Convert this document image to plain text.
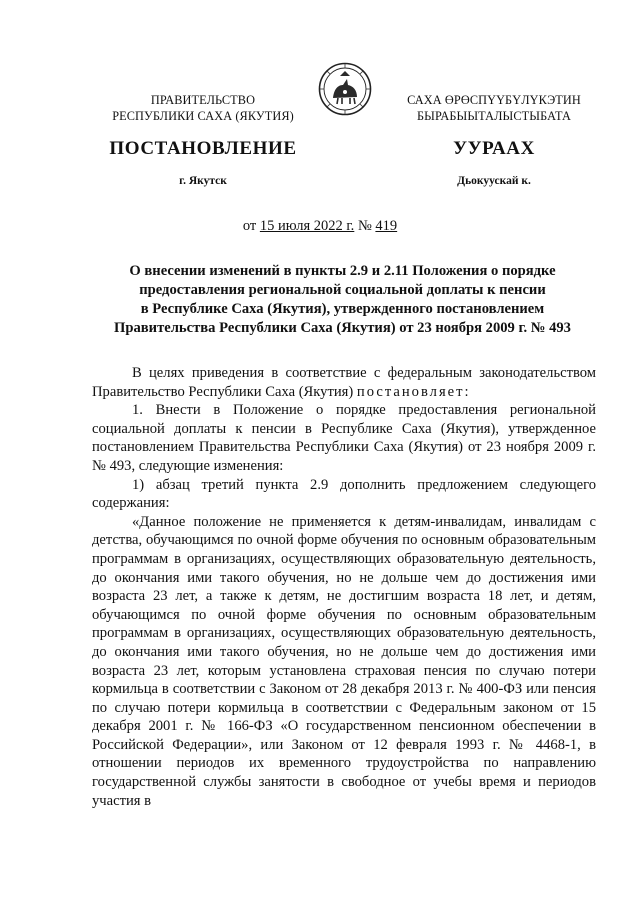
ПРАВИТЕЛЬСТВО
РЕСПУБЛИКИ САХА (ЯКУТИЯ)
САХА ӨРӨСПҮҮБҮЛҮКЭТИН
БЫРАБЫЫТАЛЫСТЫБАТА
ПОСТАНОВЛЕНИЕ	УУРААХ
г. Якутск	Дьокуускай к.
от 15 июля 2022 г. № 419
О внесении изменений в пункты 2.9 и 2.11 Положения о порядке
предоставления региональной социальной доплаты к пенсии
в Республике Саха (Якутия), утвержденного постановлением
Правительства Республики Саха (Якутия) от 23 ноября 2009 г. № 493

В целях приведения в соответствие с федеральным законодательством Правительство Республики Саха (Якутия) постановляет:

1. Внести в Положение о порядке предоставления региональной социальной доплаты к пенсии в Республике Саха (Якутия), утвержденное постановлением Правительства Республики Саха (Якутия) от 23 ноября 2009 г. № 493, следующие изменения:

1) абзац третий пункта 2.9 дополнить предложением следующего содержания:

«Данное положение не применяется к детям-инвалидам, инвалидам с детства, обучающимся по очной форме обучения по основным образовательным программам в организациях, осуществляющих образовательную деятельность, до окончания ими такого обучения, но не дольше чем до достижения ими возраста 23 лет, а также к детям, не достигшим возраста 18 лет, и детям, обучающимся по очной форме обучения по основным образовательным программам в организациях, осуществляющих образовательную деятельность, до окончания ими такого обучения, но не дольше чем до достижения ими возраста 23 лет, которым установлена страховая пенсия по случаю потери кормильца в соответствии с Законом от 28 декабря 2013 г. № 400-ФЗ или пенсия по случаю потери кормильца в соответствии с Федеральным законом от 15 декабря 2001 г. № 166-ФЗ «О государственном пенсионном обеспечении в Российской Федерации», или Законом от 12 февраля 1993 г. № 4468-1, в отношении периодов их временного трудоустройства по направлению государственной службы занятости в свободное от учебы время и периодов участия в
